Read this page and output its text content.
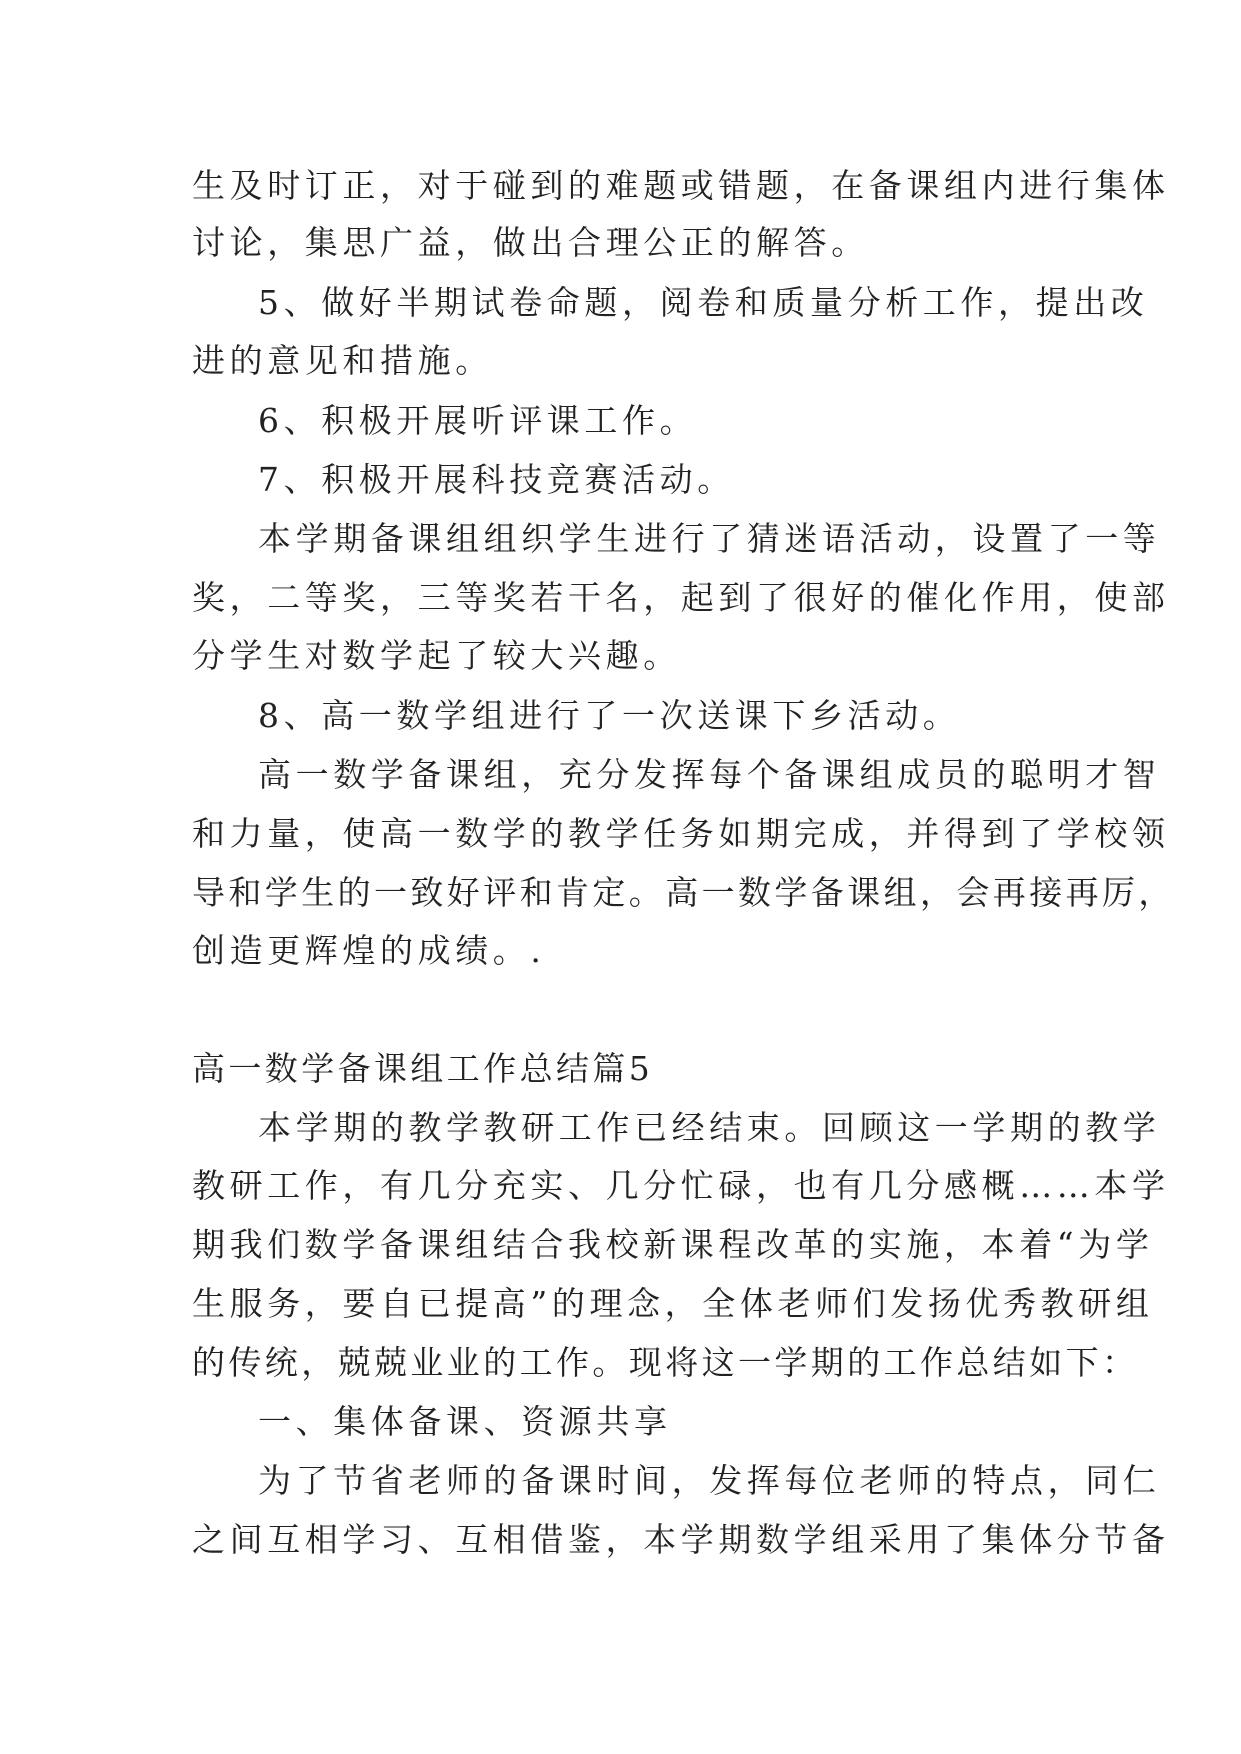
生及时订正，对于碰到的难题或错题，在备课组内进行集体
讨论，集思广益，做出合理公正的解答。
5、做好半期试卷命题，阅卷和质量分析工作，提出改
进的意见和措施。
6、积极开展听评课工作。
7、积极开展科技竞赛活动。
本学期备课组组织学生进行了猜迷语活动，设置了一等
奖，二等奖，三等奖若干名，起到了很好的催化作用，使部
分学生对数学起了较大兴趣。
8、高一数学组进行了一次送课下乡活动。
高一数学备课组，充分发挥每个备课组成员的聪明才智
和力量，使高一数学的教学任务如期完成，并得到了学校领
导和学生的一致好评和肯定。高一数学备课组，会再接再厉，
创造更辉煌的成绩。.
高一数学备课组工作总结篇5
本学期的教学教研工作已经结束。回顾这一学期的教学
教研工作，有几分充实、几分忙碌，也有几分感概……本学
期我们数学备课组结合我校新课程改革的实施，本着“为学
生服务，要自已提高”的理念，全体老师们发扬优秀教研组
的传统，兢兢业业的工作。现将这一学期的工作总结如下：
一、集体备课、资源共享
为了节省老师的备课时间，发挥每位老师的特点，同仁
之间互相学习、互相借鉴，本学期数学组采用了集体分节备
